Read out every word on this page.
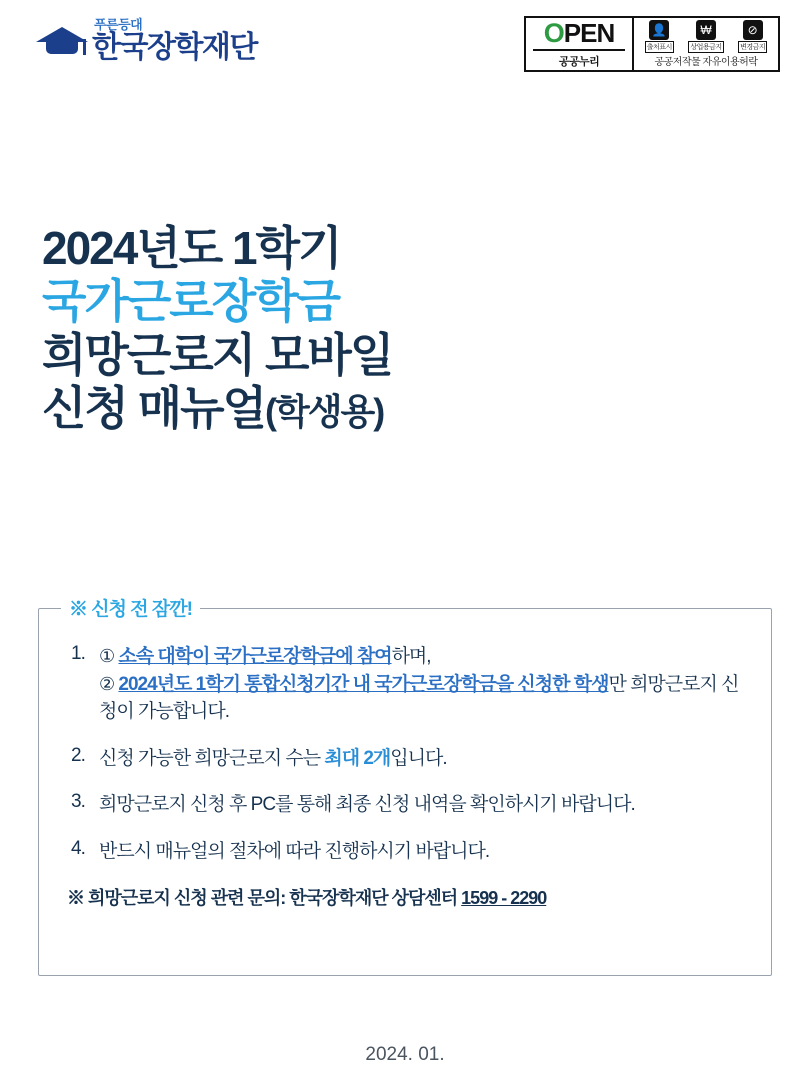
푸른등대
한국장학재단	O PEN
공공누리
👤
출처표시
₩
상업용금지
⊘
변경금지
공공저작물 자유이용허락
2024년도 1학기
국가근로장학금
희망근로지 모바일
신청 매뉴얼(학생용)
※ 신청 전 잠깐!
1. ① 소속 대학이 국가근로장학금에 참여하며,
② 2024년도 1학기 통합신청기간 내 국가근로장학금을 신청한 학생만 희망근로지 신청이 가능합니다.
2. 신청 가능한 희망근로지 수는 최대 2개입니다.
3. 희망근로지 신청 후 PC를 통해 최종 신청 내역을 확인하시기 바랍니다.
4. 반드시 매뉴얼의 절차에 따라 진행하시기 바랍니다.
※ 희망근로지 신청 관련 문의: 한국장학재단 상담센터 1599 - 2290
2024. 01.
